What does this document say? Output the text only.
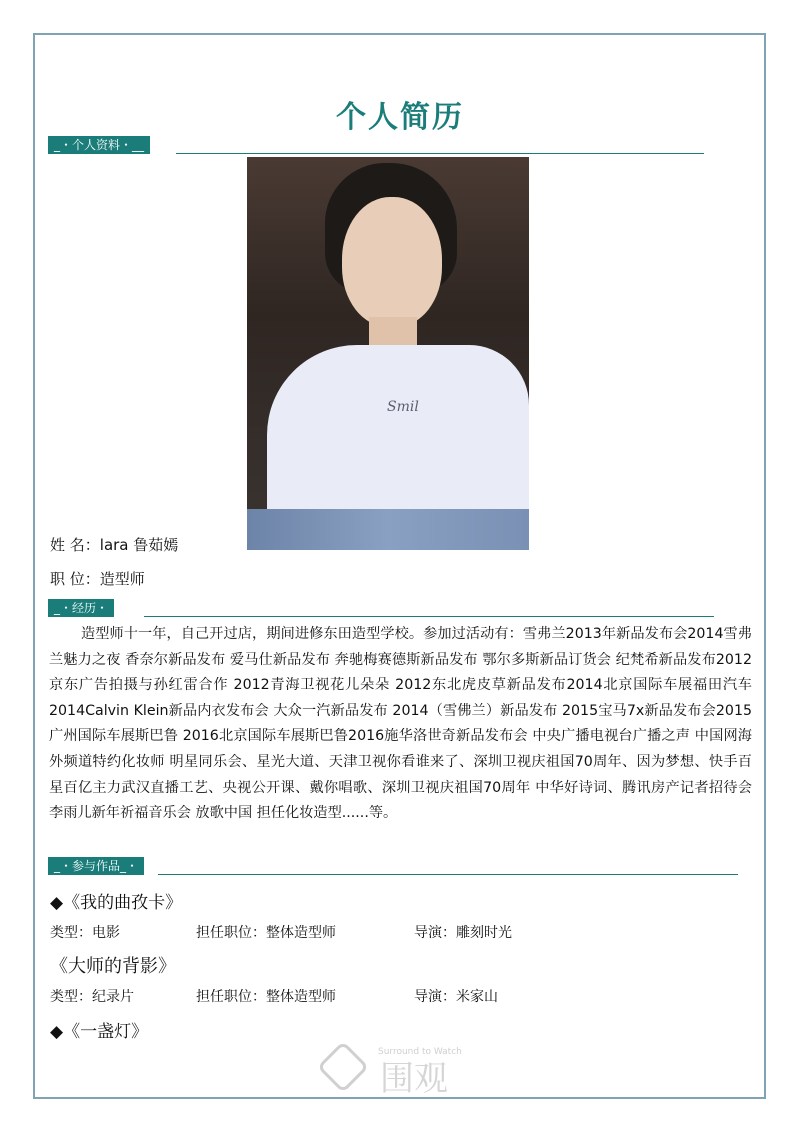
个人简历
_・个人资料・__
Smil
姓 名：lara 鲁茹嫣
职 位：造型师
_・经历・
造型师十一年，自己开过店，期间进修东田造型学校。参加过活动有：雪弗兰2013年新品发布会2014雪弗兰魅力之夜 香奈尔新品发布 爱马仕新品发布 奔驰梅赛德斯新品发布 鄂尔多斯新品订货会 纪梵希新品发布2012京东广告拍摄与孙红雷合作 2012青海卫视花儿朵朵 2012东北虎皮草新品发布2014北京国际车展福田汽车 2014Calvin Klein新品内衣发布会 大众一汽新品发布 2014（雪佛兰）新品发布 2015宝马7x新品发布会2015广州国际车展斯巴鲁 2016北京国际车展斯巴鲁2016施华洛世奇新品发布会 中央广播电视台广播之声 中国网海外频道特约化妆师 明星同乐会、星光大道、天津卫视你看谁来了、深圳卫视庆祖国70周年、因为梦想、快手百星百亿主力武汉直播工艺、央视公开课、戴你唱歌、深圳卫视庆祖国70周年 中华好诗词、腾讯房产记者招待会 李雨儿新年祈福音乐会 放歌中国 担任化妆造型......等。
_・参与作品_・
◆《我的曲孜卡》
类型：电影	担任职位：整体造型师	导演：雕刻时光
《大师的背影》
类型：纪录片	担任职位：整体造型师	导演：米家山
◆《一盏灯》
Surround to Watch
围观
